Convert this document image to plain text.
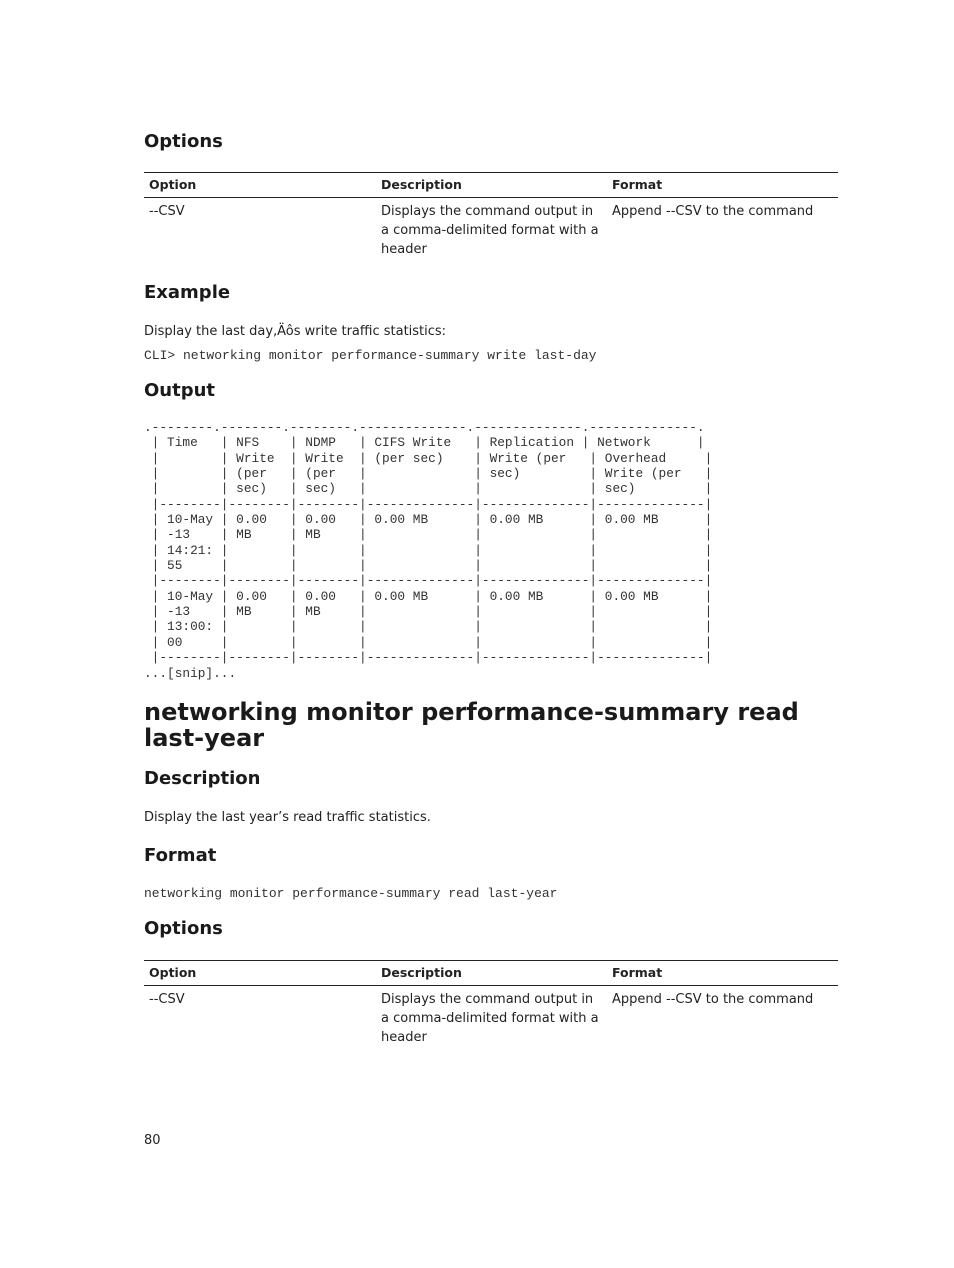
Options
Option	Description	Format
--CSV	Displays the command output in a comma-delimited format with a header	Append --CSV to the command
Example

Display the last day‚Äôs write traffic statistics:

CLI> networking monitor performance-summary write last-day
Output
.--------.--------.--------.--------------.--------------.--------------.
| Time   | NFS    | NDMP   | CIFS Write   | Replication | Network      |
|        | Write  | Write  | (per sec)    | Write (per   | Overhead     |
|        | (per   | (per   |              | sec)         | Write (per   |
|        | sec)   | sec)   |              |              | sec)         |
|--------|--------|--------|--------------|--------------|--------------|
| 10-May | 0.00   | 0.00   | 0.00 MB      | 0.00 MB      | 0.00 MB      |
| -13    | MB     | MB     |              |              |              |
| 14:21: |        |        |              |              |              |
| 55     |        |        |              |              |              |
|--------|--------|--------|--------------|--------------|--------------|
| 10-May | 0.00   | 0.00   | 0.00 MB      | 0.00 MB      | 0.00 MB      |
| -13    | MB     | MB     |              |              |              |
| 13:00: |        |        |              |              |              |
| 00     |        |        |              |              |              |
|--------|--------|--------|--------------|--------------|--------------|
...[snip]...
networking monitor performance-summary read last-year
Description

Display the last year’s read traffic statistics.

Format
networking monitor performance-summary read last-year
Options
Option	Description	Format
--CSV	Displays the command output in a comma-delimited format with a header	Append --CSV to the command
80
